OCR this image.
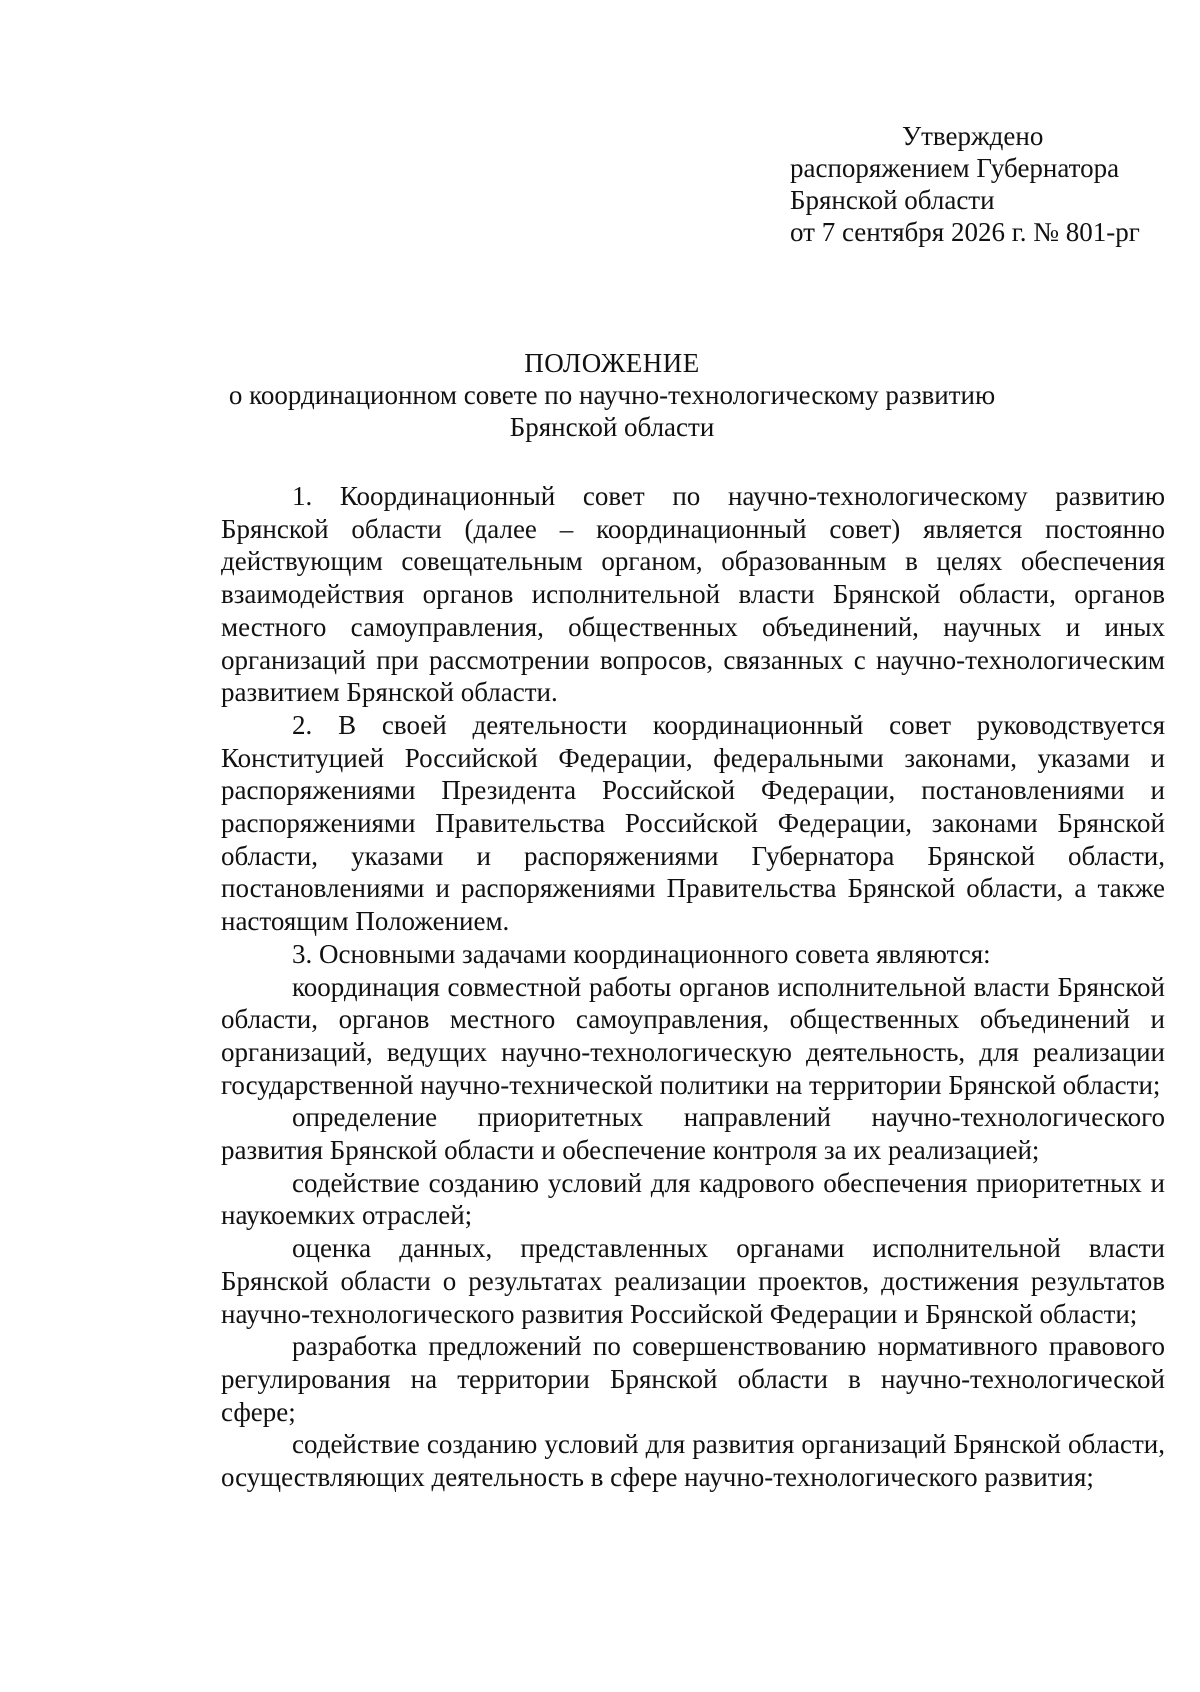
Утверждено
распоряжением Губернатора
Брянской области
от 7 сентября 2026 г. № 801-рг
ПОЛОЖЕНИЕ
о координационном совете по научно-технологическому развитию
Брянской области

1. Координационный совет по научно-технологическому развитию Брянской области (далее – координационный совет) является постоянно действующим совещательным органом, образованным в целях обеспечения взаимодействия органов исполнительной власти Брянской области, органов местного самоуправления, общественных объединений, научных и иных организаций при рассмотрении вопросов, связанных с научно-технологическим развитием Брянской области.

2. В своей деятельности координационный совет руководствуется Конституцией Российской Федерации, федеральными законами, указами и распоряжениями Президента Российской Федерации, постановлениями и распоряжениями Правительства Российской Федерации, законами Брянской области, указами и распоряжениями Губернатора Брянской области, постановлениями и распоряжениями Правительства Брянской области, а также настоящим Положением.

3. Основными задачами координационного совета являются:

координация совместной работы органов исполнительной власти Брянской области, органов местного самоуправления, общественных объединений и организаций, ведущих научно-технологическую деятельность, для реализации государственной научно-технической политики на территории Брянской области;

определение приоритетных направлений научно-технологического развития Брянской области и обеспечение контроля за их реализацией;

содействие созданию условий для кадрового обеспечения приоритетных и наукоемких отраслей;

оценка данных, представленных органами исполнительной власти Брянской области о результатах реализации проектов, достижения результатов научно-технологического развития Российской Федерации и Брянской области;

разработка предложений по совершенствованию нормативного правового регулирования на территории Брянской области в научно-технологической сфере;

содействие созданию условий для развития организаций Брянской области, осуществляющих деятельность в сфере научно-технологического развития;
